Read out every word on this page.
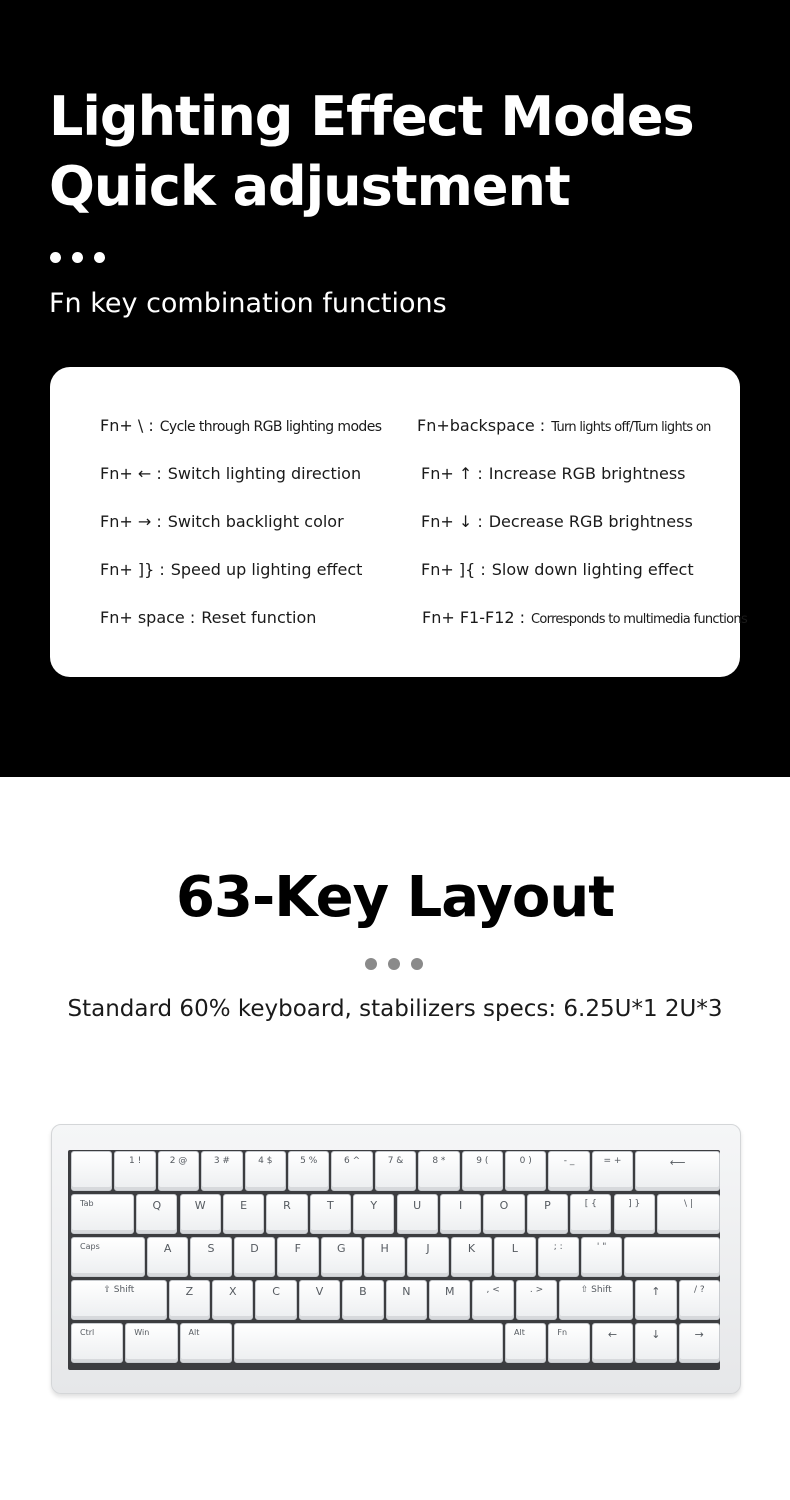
Lighting Effect Modes
Quick adjustment
Fn key combination functions
Fn+ \ : Cycle through RGB lighting modes Fn+backspace : Turn lights off/Turn lights on
Fn+ ← : Switch lighting direction	Fn+ ↑ : Increase RGB brightness
Fn+ → : Switch backlight color	Fn+ ↓ : Decrease RGB brightness
Fn+ ]} : Speed up lighting effect	Fn+ ]{ : Slow down lighting effect
Fn+ space : Reset function	Fn+ F1-F12 : Corresponds to multimedia functions
63-Key Layout
Standard 60% keyboard, stabilizers specs: 6.25U*1 2U*3
1 !	2 @	3 #	4 $	5 %	6 ^	7 &	8 *	9 (	0 )	- _	= +	⟵
Tab	Q	W	E	R	T	Y	U	I	O	P	[ {	] }	\ |
Caps	A	S	D	F	G	H	J	K	L	; :	' "
⇧ Shift	Z	X	C	V	B	N	M	, <	. >	⇧ Shift	↑	/ ?
Ctrl	Win	Alt	Alt	Fn	←	↓	→
